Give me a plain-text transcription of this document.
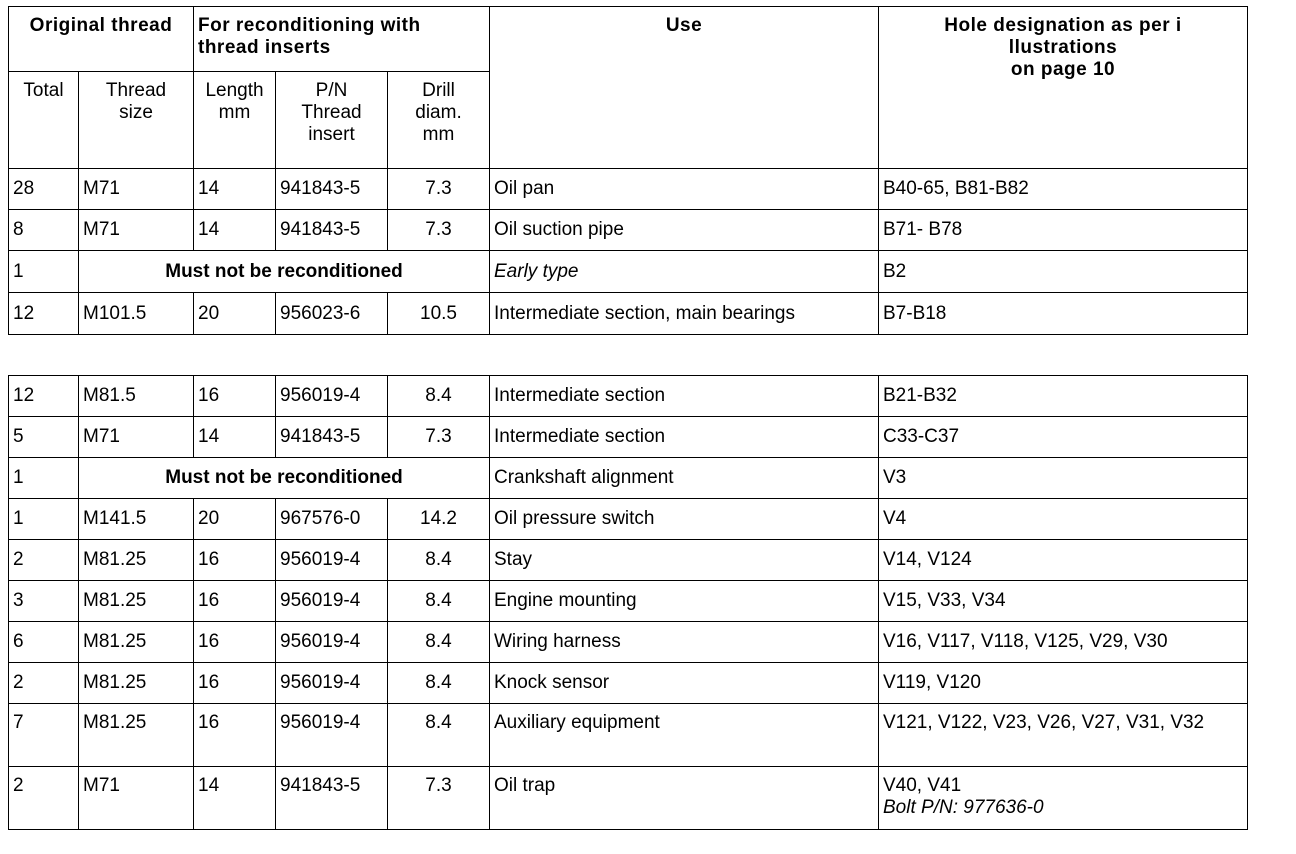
Original thread		For reconditioning with thread inserts			Use	Hole designation as per i llustrations
on page 10

Total	Thread size	Length mm	P/N Thread insert	Drill diam. mm		
28	M71	14	941843-5	7.3	Oil pan	B40-65, B81-B82
8	M71	14	941843-5	7.3	Oil suction pipe	B71- B78
1	Must not be reconditioned				Early type	B2
12	M101.5	20	956023-6	10.5	Intermediate section, main bearings	B7-B18
12	M81.5	16	956019-4	8.4	Intermediate section	B21-B32
5	M71	14	941843-5	7.3	Intermediate section	C33-C37
1	Must not be reconditioned				Crankshaft alignment	V3
1	M141.5	20	967576-0	14.2	Oil pressure switch	V4
2	M81.25	16	956019-4	8.4	Stay	V14, V124
3	M81.25	16	956019-4	8.4	Engine mounting	V15, V33, V34
6	M81.25	16	956019-4	8.4	Wiring harness	V16, V117, V118, V125, V29, V30
2	M81.25	16	956019-4	8.4	Knock sensor	V119, V120
7	M81.25	16	956019-4	8.4	Auxiliary equipment	V121, V122, V23, V26, V27, V31, V32
2	M71	14	941843-5	7.3	Oil trap	V40, V41
Bolt P/N: 977636-0
